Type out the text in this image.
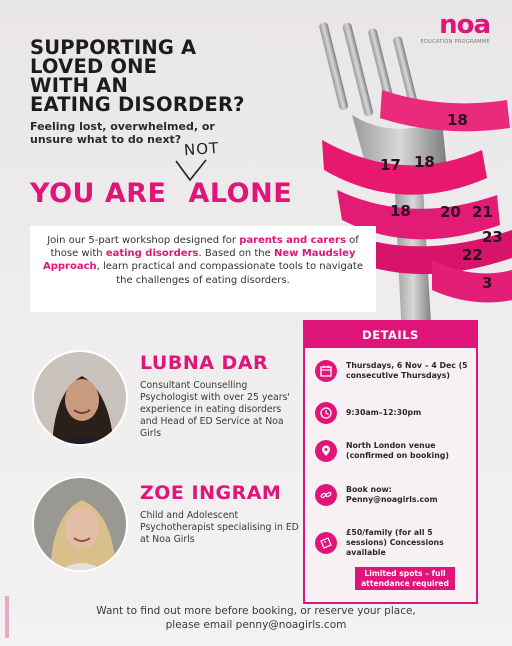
17 18
18
18 20 21
22
23
3
noa
EDUCATION PROGRAMME
SUPPORTING A
LOVED ONE
WITH AN
EATING DISORDER?
Feeling lost, overwhelmed, or
unsure what to do next? NOT
YOU ARE ALONE
Join our 5-part workshop designed for parents and carers of those with eating disorders. Based on the New Maudsley Approach, learn practical and compassionate tools to navigate the challenges of eating disorders.
LUBNA DAR
Consultant Counselling Psychologist with over 25 years' experience in eating disorders and Head of ED Service at Noa Girls
ZOE INGRAM
Child and Adolescent Psychotherapist specialising in ED at Noa Girls
DETAILS
Thursdays, 6 Nov – 4 Dec (5 consecutive Thursdays)
9:30am–12:30pm
North London venue (confirmed on booking)
Book now: Penny@noagirls.com
£50/family (for all 5 sessions) Concessions available
Limited spots – full attendance required
Want to find out more before booking, or reserve your place,
please email penny@noagirls.com
